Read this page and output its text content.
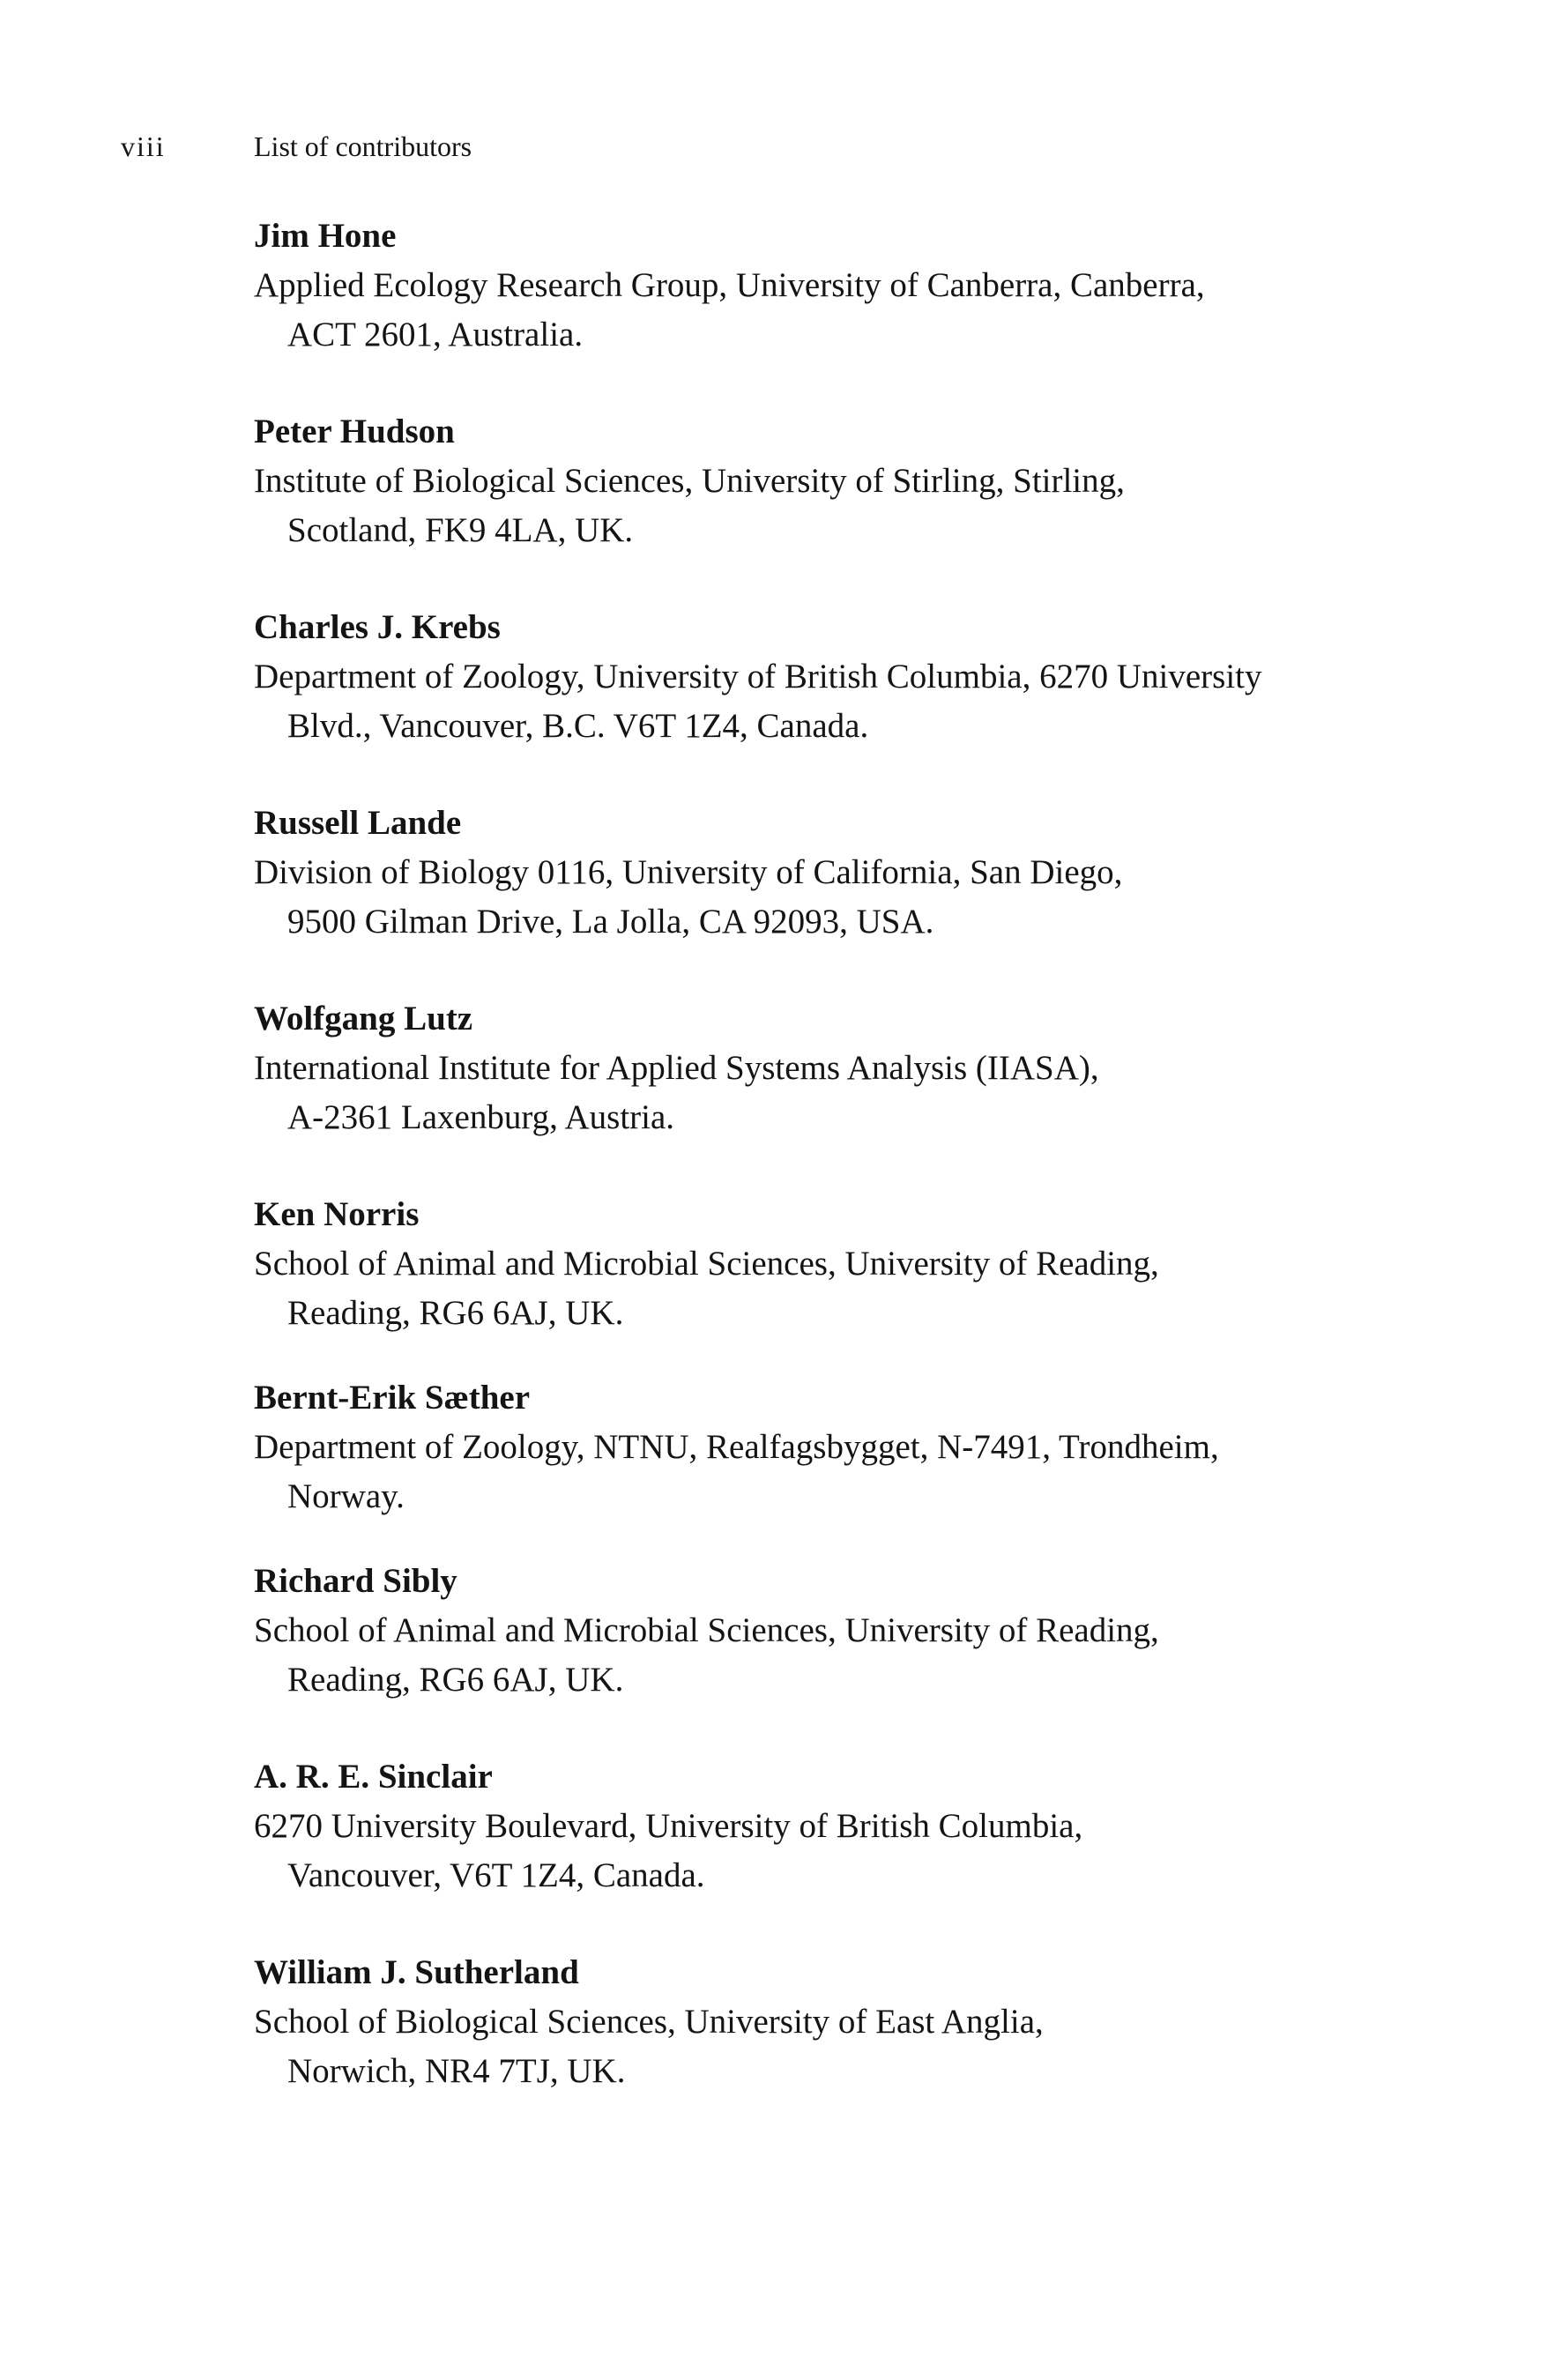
viii	List of contributors
Jim Hone
Applied Ecology Research Group, University of Canberra, Canberra,
ACT 2601, Australia.
Peter Hudson
Institute of Biological Sciences, University of Stirling, Stirling,
Scotland, FK9 4LA, UK.
Charles J. Krebs
Department of Zoology, University of British Columbia, 6270 University
Blvd., Vancouver, B.C. V6T 1Z4, Canada.
Russell Lande
Division of Biology 0116, University of California, San Diego,
9500 Gilman Drive, La Jolla, CA 92093, USA.
Wolfgang Lutz
International Institute for Applied Systems Analysis (IIASA),
A-2361 Laxenburg, Austria.
Ken Norris
School of Animal and Microbial Sciences, University of Reading,
Reading, RG6 6AJ, UK.
Bernt-Erik Sæther
Department of Zoology, NTNU, Realfagsbygget, N-7491, Trondheim,
Norway.
Richard Sibly
School of Animal and Microbial Sciences, University of Reading,
Reading, RG6 6AJ, UK.
A. R. E. Sinclair
6270 University Boulevard, University of British Columbia,
Vancouver, V6T 1Z4, Canada.
William J. Sutherland
School of Biological Sciences, University of East Anglia,
Norwich, NR4 7TJ, UK.
